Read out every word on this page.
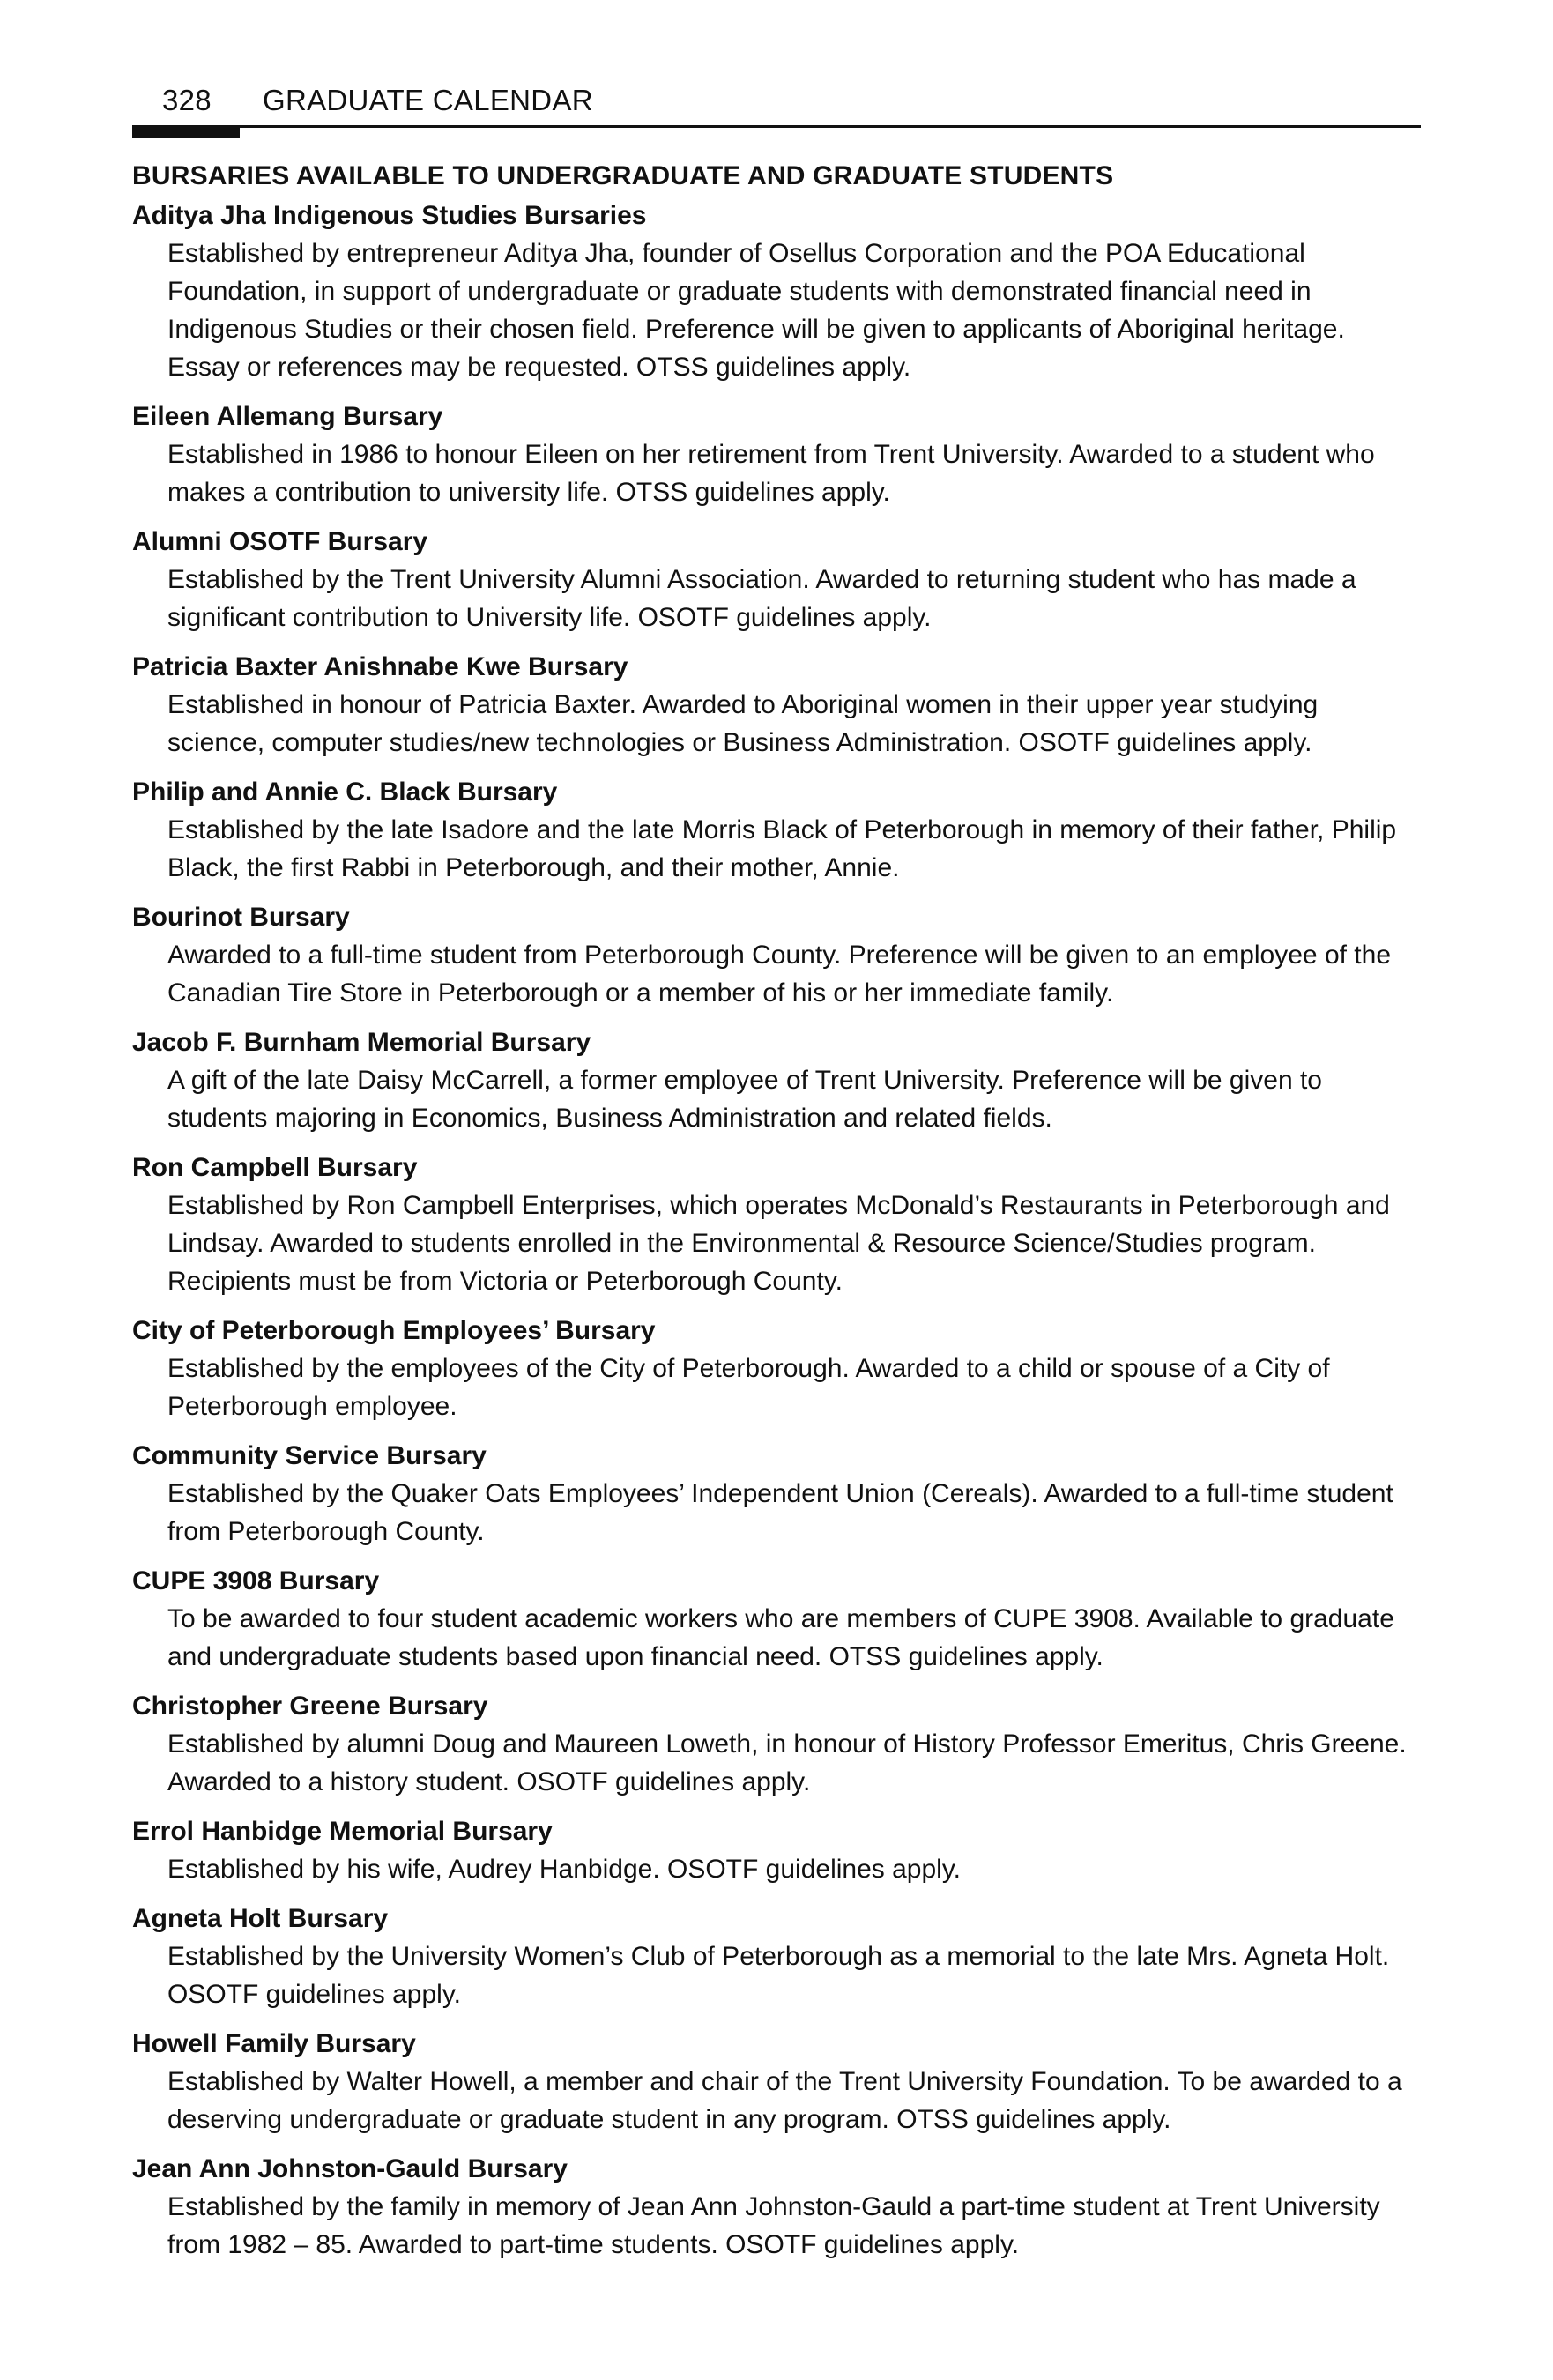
328 GRADUATE CALENDAR
BURSARIES AVAILABLE TO UNDERGRADUATE AND GRADUATE STUDENTS
Aditya Jha Indigenous Studies Bursaries
Established by entrepreneur Aditya Jha, founder of Osellus Corporation and the POA Educational Foundation, in support of undergraduate or graduate students with demonstrated financial need in Indigenous Studies or their chosen field. Preference will be given to applicants of Aboriginal heritage. Essay or references may be requested. OTSS guidelines apply.
Eileen Allemang Bursary
Established in 1986 to honour Eileen on her retirement from Trent University. Awarded to a student who makes a contribution to university life. OTSS guidelines apply.
Alumni OSOTF Bursary
Established by the Trent University Alumni Association. Awarded to returning student who has made a significant contribution to University life. OSOTF guidelines apply.
Patricia Baxter Anishnabe Kwe Bursary
Established in honour of Patricia Baxter. Awarded to Aboriginal women in their upper year studying science, computer studies/new technologies or Business Administration. OSOTF guidelines apply.
Philip and Annie C. Black Bursary
Established by the late Isadore and the late Morris Black of Peterborough in memory of their father, Philip Black, the first Rabbi in Peterborough, and their mother, Annie.
Bourinot Bursary
Awarded to a full-time student from Peterborough County. Preference will be given to an employee of the Canadian Tire Store in Peterborough or a member of his or her immediate family.
Jacob F. Burnham Memorial Bursary
A gift of the late Daisy McCarrell, a former employee of Trent University. Preference will be given to students majoring in Economics, Business Administration and related fields.
Ron Campbell Bursary
Established by Ron Campbell Enterprises, which operates McDonald’s Restaurants in Peterborough and Lindsay. Awarded to students enrolled in the Environmental & Resource Science/Studies program. Recipients must be from Victoria or Peterborough County.
City of Peterborough Employees’ Bursary
Established by the employees of the City of Peterborough. Awarded to a child or spouse of a City of Peterborough employee.
Community Service Bursary
Established by the Quaker Oats Employees’ Independent Union (Cereals). Awarded to a full-time student from Peterborough County.
CUPE 3908 Bursary
To be awarded to four student academic workers who are members of CUPE 3908. Available to graduate and undergraduate students based upon financial need. OTSS guidelines apply.
Christopher Greene Bursary
Established by alumni Doug and Maureen Loweth, in honour of History Professor Emeritus, Chris Greene. Awarded to a history student. OSOTF guidelines apply.
Errol Hanbidge Memorial Bursary
Established by his wife, Audrey Hanbidge. OSOTF guidelines apply.
Agneta Holt Bursary
Established by the University Women’s Club of Peterborough as a memorial to the late Mrs. Agneta Holt. OSOTF guidelines apply.
Howell Family Bursary
Established by Walter Howell, a member and chair of the Trent University Foundation. To be awarded to a deserving undergraduate or graduate student in any program. OTSS guidelines apply.
Jean Ann Johnston-Gauld Bursary
Established by the family in memory of Jean Ann Johnston-Gauld a part-time student at Trent University from 1982 – 85. Awarded to part-time students. OSOTF guidelines apply.
